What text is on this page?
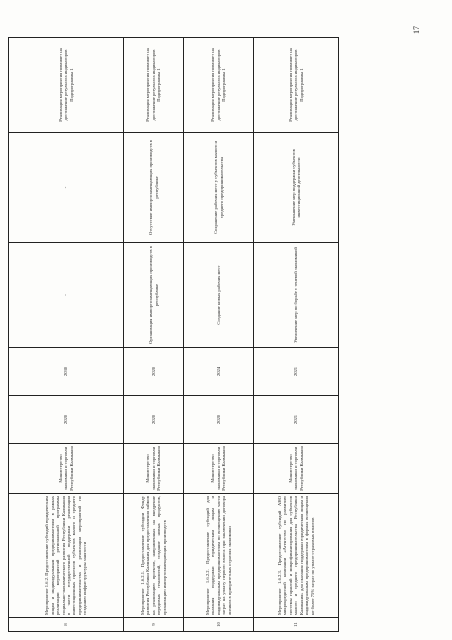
8	Мероприятие 1.6.2. Предоставление субсидий юридическим лицам и индивидуальным предпринимателям в рамках реализации мероприятий региональной программы социально-экономического развития Республики Калмыкия в части государственной поддержки реализации инвестиционных проектов субъектов малого и среднего предпринимательства и реализации мероприятий по созданию инфраструктуры занятости	Министерство экономики и торговли Республики Калмыкия	2020	2030	-	-	Реализация мероприятия повлияет на достижение результата индикаторов Подпрограммы 1
9	Мероприятие 1.6.2.1. Предоставление субсидии Фонду развития Республики Калмыкия для предоставления займов на реализацию проектов, направленных на внедрение передовых технологий, создание новых продуктов, организацию импортозамещающих производств	Министерство экономики и торговли Республики Калмыкия	2020	2020	Организация импортозамещающих производств в республике	Отсутствие импортозамещающих производств в республике	Реализация мероприятия повлияет на достижение результата индикаторов Подпрограммы 1
10	Мероприятие 1.6.2.2. Предоставление субсидий для оказания поддержки юридическим лицам и индивидуальным предпринимателям по возмещению части затрат на уплату первого взноса при заключении договора лизинга в приоритетных отраслях экономики	Министерство экономики и торговли Республики Калмыкия	2020	2024	Создание новых рабочих мест	Сохранение рабочих мест у субъектов малого и среднего предпринимательства	Реализация мероприятия повлияет на достижение результата индикаторов Подпрограммы 1
11	Мероприятие 1.6.2.3. Предоставление субсидий АНО микрокредитной компании «Агентство по развитию системы гарантий и микрофинансирования для субъектов малого и среднего предпринимательства Республики Калмыкия» для оказания поддержки юридическим лицам и индивидуальным предпринимателям в формах возмещения не более 75% затрат по уплате страховых взносов	Министерство экономики и торговли Республики Калмыкия	2021	2021	Увеличение мер по борьбе с теневой экономикой	Уменьшение мер поддержки субъектов инвестиционной деятельности	Реализация мероприятия повлияет на достижение результата индикаторов Подпрограммы 1
17
